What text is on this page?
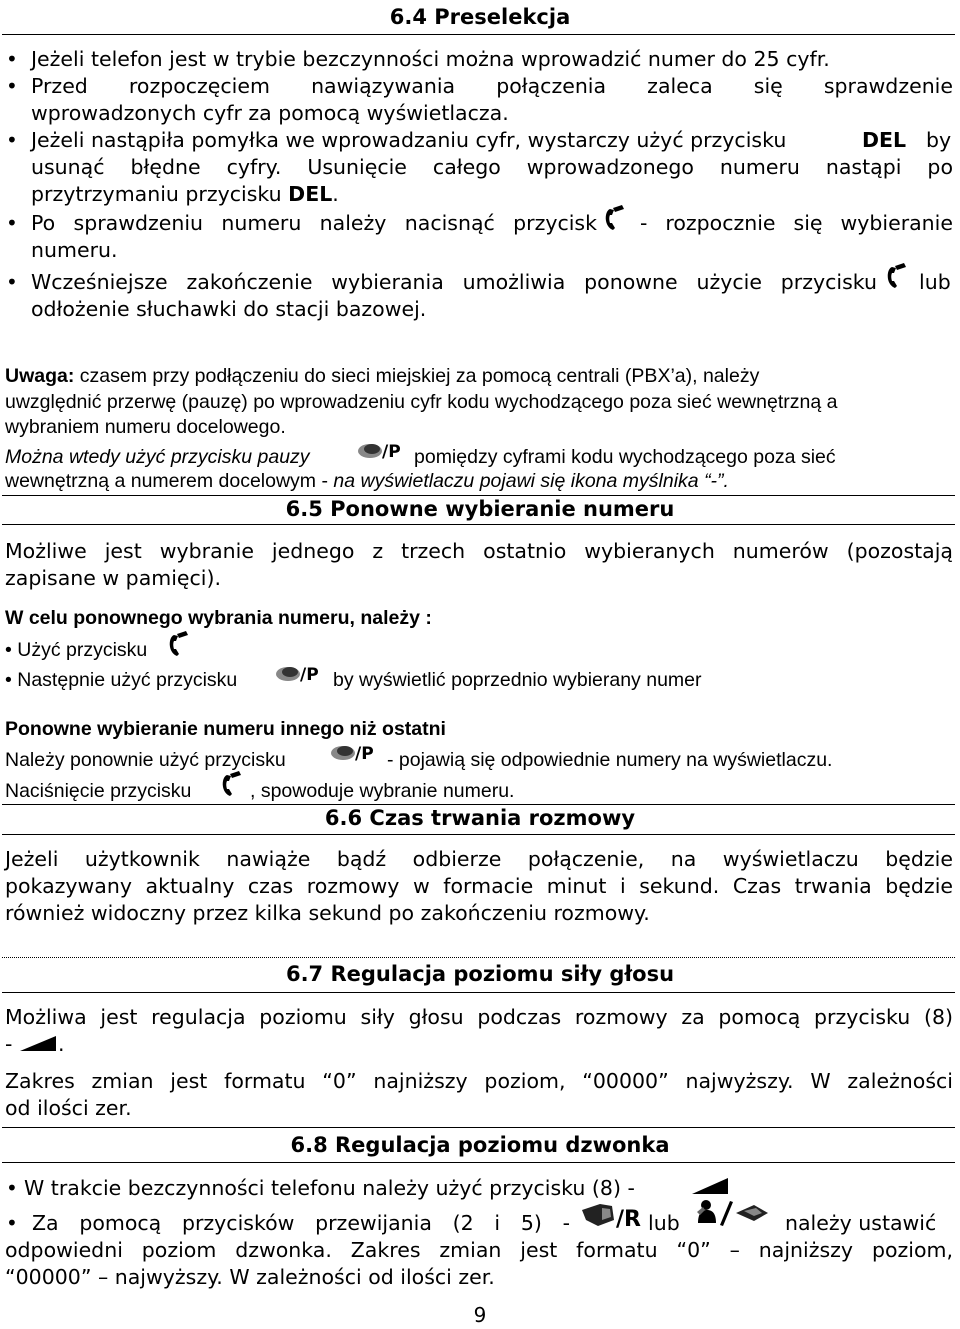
6.4 Preselekcja
• Jeżeli telefon jest w trybie bezczynności można wprowadzić numer do 25 cyfr.
• Przed rozpoczęciem nawiązywania połączenia zaleca się sprawdzenie
wprowadzonych cyfr za pomocą wyświetlacza.
• Jeżeli nastąpiła pomyłka we wprowadzaniu cyfr, wystarczy użyć przycisku	DEL by
usunąć błędne cyfry. Usunięcie całego wprowadzonego numeru nastąpi po
przytrzymaniu przycisku DEL.
• Po sprawdzeniu numeru należy nacisnąć przycisk - rozpocznie się wybieranie
numeru.
• Wcześniejsze zakończenie wybierania umożliwia ponowne użycie przycisku lub
odłożenie słuchawki do stacji bazowej.
Uwaga: czasem przy podłączeniu do sieci miejskiej za pomocą centrali (PBX’a), należy
uwzględnić przerwę (pauzę) po wprowadzeniu cyfr kodu wychodzącego poza sieć wewnętrzną a
wybraniem numeru docelowego.
Można wtedy użyć przycisku pauzy	pomiędzy cyframi kodu wychodzącego poza sieć
wewnętrzną a numerem docelowym - na wyświetlaczu pojawi się ikona myślnika “-”.
6.5 Ponowne wybieranie numeru
Możliwe jest wybranie jednego z trzech ostatnio wybieranych numerów (pozostają
zapisane w pamięci).
W celu ponownego wybrania numeru, należy :
• Użyć przycisku
• Następnie użyć przycisku	by wyświetlić poprzednio wybierany numer
Ponowne wybieranie numeru innego niż ostatni
Należy ponownie użyć przycisku	- pojawią się odpowiednie numery na wyświetlaczu.
Naciśnięcie przycisku	, spowoduje wybranie numeru.
6.6 Czas trwania rozmowy
Jeżeli użytkownik nawiąże bądź odbierze połączenie, na wyświetlaczu będzie
pokazywany aktualny czas rozmowy w formacie minut i sekund. Czas trwania będzie
również widoczny przez kilka sekund po zakończeniu rozmowy.
6.7 Regulacja poziomu siły głosu
Możliwa jest regulacja poziomu siły głosu podczas rozmowy za pomocą przycisku (8)
- .
Zakres zmian jest formatu “0” najniższy poziom, “00000” najwyższy. W zależności
od ilości zer.
6.8 Regulacja poziomu dzwonka
• W trakcie bezczynności telefonu należy użyć przycisku (8) -
• Za pomocą przycisków przewijania (2 i 5) -	lub	należy ustawić
odpowiedni poziom dzwonka. Zakres zmian jest formatu “0” – najniższy poziom,
“00000” – najwyższy. W zależności od ilości zer.
9
